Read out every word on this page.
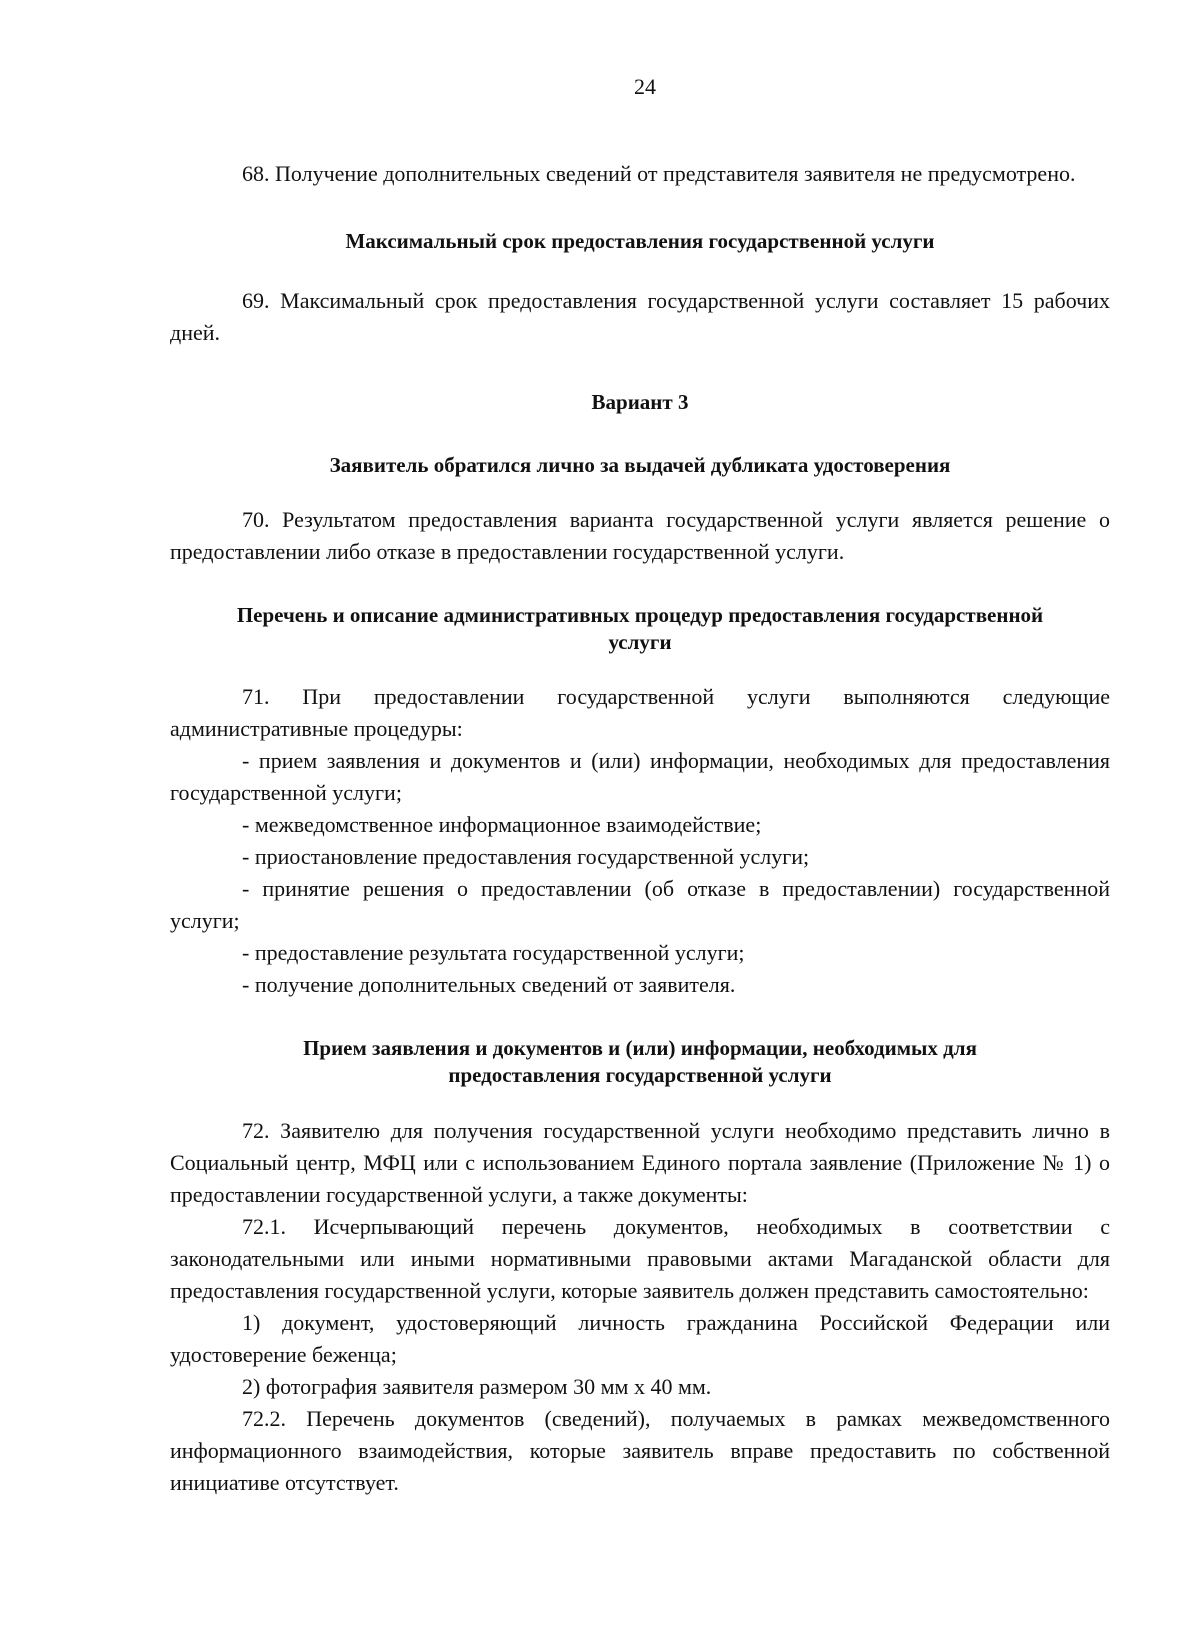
24

68. Получение дополнительных сведений от представителя заявителя не предусмотрено.

Максимальный срок предоставления государственной услуги

69. Максимальный срок предоставления государственной услуги составляет 15 рабочих дней.

Вариант 3

Заявитель обратился лично за выдачей дубликата удостоверения

70. Результатом предоставления варианта государственной услуги является решение о предоставлении либо отказе в предоставлении государственной услуги.

Перечень и описание административных процедур предоставления государственной услуги

71. При предоставлении государственной услуги выполняются следующие административные процедуры:

- прием заявления и документов и (или) информации, необходимых для предоставления государственной услуги;

- межведомственное информационное взаимодействие;

- приостановление предоставления государственной услуги;

- принятие решения о предоставлении (об отказе в предоставлении) государственной услуги;

- предоставление результата государственной услуги;

- получение дополнительных сведений от заявителя.

Прием заявления и документов и (или) информации, необходимых для предоставления государственной услуги

72. Заявителю для получения государственной услуги необходимо представить лично в Социальный центр, МФЦ или с использованием Единого портала заявление (Приложение № 1) о предоставлении государственной услуги, а также документы:

72.1. Исчерпывающий перечень документов, необходимых в соответствии с законодательными или иными нормативными правовыми актами Магаданской области для предоставления государственной услуги, которые заявитель должен представить самостоятельно:

1) документ, удостоверяющий личность гражданина Российской Федерации или удостоверение беженца;

2) фотография заявителя размером 30 мм х 40 мм.

72.2. Перечень документов (сведений), получаемых в рамках межведомственного информационного взаимодействия, которые заявитель вправе предоставить по собственной инициативе отсутствует.
